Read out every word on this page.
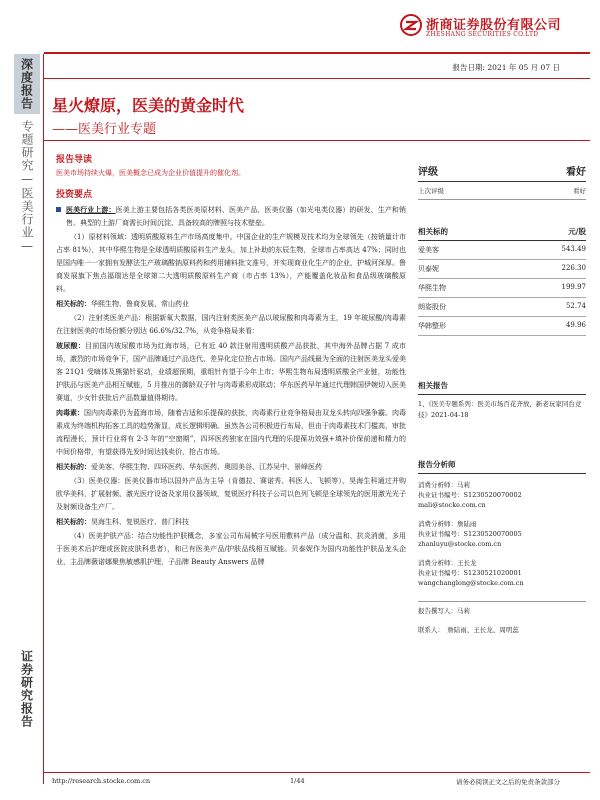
浙商证券股份有限公司
ZHESHANG SECURITIES CO.LTD
报告日期: 2021 年 05 月 07 日
深度报告
专题研究—医美行业—
证券研究报告
星火燎原，医美的黄金时代
——医美行业专题
报告导读
医美市场持续火爆，医美概念已成为企业价值提升的催化剂。
投资要点
医美行业上游：医美上游主要包括各类医美原材料、医美产品、医美仪器（如光电类仪器）的研发、生产和销售。典型的上游厂商需长时间沉淀、具备较高的牌照与技术壁垒。
（1）原材料领域：透明质酸原料生产市场高度集中。中国企业的生产规模及技术均为全球领先（按销量计市占率 81%），其中华熙生物是全球透明质酸原料生产龙头，加上补助的东辰生物，全球市占率高达 47%；同时也是国内唯一一家拥有发酵法生产玻璃酸钠原料药和药用辅料批文准号，并实现商业化生产的企业，护城河深厚。鲁商发展旗下焦点福瑞达是全球第二大透明质酸原料生产商（市占率 13%），产能覆盖化妆品和食品级玻璃酸原料。
相关标的：华熙生物、鲁商发展、常山药业
（2）注射类医美产品：根据新氧大数据，国内注射类医美产品以玻尿酸和肉毒素为主，19 年玻尿酸/肉毒素在注射医美的市场份额分别达 66.6%/32.7%，从竞争格局来看：
玻尿酸：目前国内玻尿酸市场为红海市场，已有近 40 款注射用透明质酸产品获批，其中海外品牌占据 7 成市场，激烈的市场竞争下，国产品牌通过产品迭代、差异化定位抢占市场。国内产品线最为全面的注射医美龙头爱美客 21Q1 受嗨体及熊猫针驱动，业绩超预期，重组针有望于今年上市；华熙生物布局透明质酸全产业链，功能性护肤品与医美产品相互赋能，5 月推出的御龄双子针与肉毒素形成联动；华东医药早年通过代理韩国伊婉切入医美赛道，少女针获批后产品数量值得期待。
肉毒素：国内肉毒素仍为蓝海市场，随着吉适和乐提葆的获批，肉毒素行业竞争格局由双龙头转向四强争霸。肉毒素成为终端机构拓客工具的趋势渐显，成长逻辑明确。虽然各公司积极进行布局，但由于肉毒素技术门槛高，审批流程漫长，预计行业将有 2-3 年的“空窗期”，四环医药独家在国内代理的乐提葆功效强+填补价保前递和精力的中间价格带，有望获得先发时间达钱卖价，抢占市场。
相关标的：爱美客、华熙生物、四环医药、华东医药、奥园美谷、江苏吴中、景峰医药
（3）医美仪器：医美仪器市场以国外产品为主导（肯德拉、赛诺秀、科医人、飞顿等），昊海生科通过并购欧华美科，扩展射频、激光医疗设备及家用仪器领域，复锐医疗科技子公司以色列飞顿是全球领先的医用激光光子及射频设备生产厂。
相关标的：昊海生科、复锐医疗、普门科技
（4）医美护肤产品：结合功能性护肤概念，多家公司布局械字号医用敷料产品（成分温和、抗炎消菌，多用于医美术后护理或医院皮肤科患者），和已有医美产品/护肤品线相互赋能。贝泰妮作为国内功能性护肤品龙头企业，主品牌薇诺娜聚焦敏感肌护理，子品牌 Beauty Answers 品牌
评级	看好
上次评级	看好
相关标的	元/股
爱美客	543.49
贝泰妮	226.30
华熙生物	199.97
朗姿股份	52.74
华韩整形	49.96
相关报告
1、《医美专题系列：医美市场百花齐放，新老玩家同台竞技》2021-04-18
报告分析师
消费分析师：马莉
执业证书编号：S1230520070002
mali@stocke.com.cn
消费分析师：詹陆雨
执业证书编号：S1230520070005
zhanluyu@stocke.com.cn
消费分析师：王长龙
执业证书编号：S1230521020001
wangchanglong@stocke.com.cn
报告撰写人：马莉
联系人：　詹陆雨、王长龙、周明蕊
http://research.stocke.com.cn	1/44	请务必阅读正文之后的免责条款部分
